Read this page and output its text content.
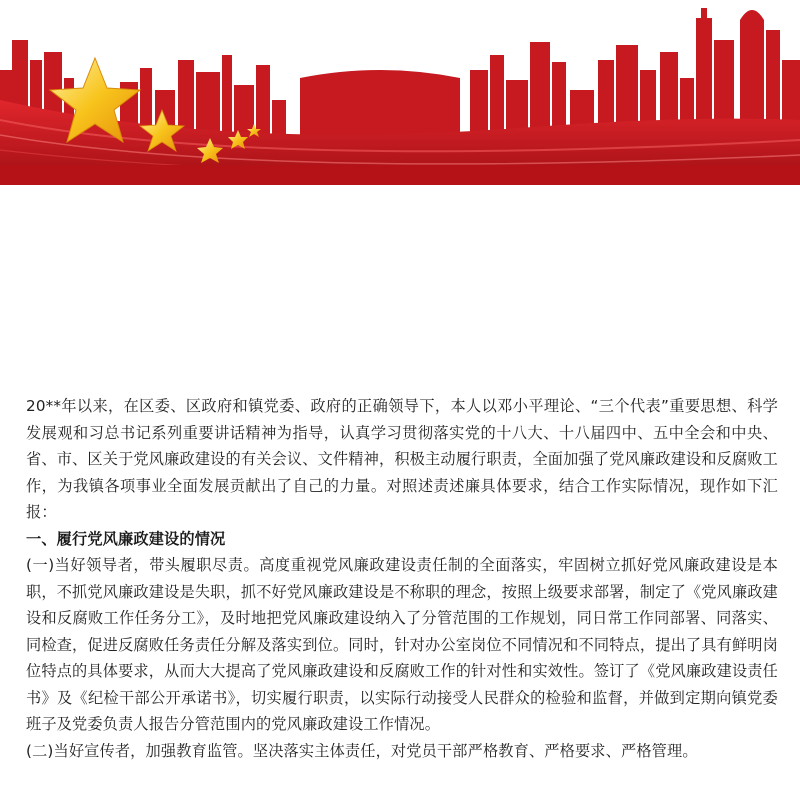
20**年以来，在区委、区政府和镇党委、政府的正确领导下，本人以邓小平理论、“三个代表”重要思想、科学发展观和习总书记系列重要讲话精神为指导，认真学习贯彻落实党的十八大、十八届四中、五中全会和中央、省、市、区关于党风廉政建设的有关会议、文件精神，积极主动履行职责，全面加强了党风廉政建设和反腐败工作，为我镇各项事业全面发展贡献出了自己的力量。对照述责述廉具体要求，结合工作实际情况，现作如下汇报：

一、履行党风廉政建设的情况

(一)当好领导者，带头履职尽责。高度重视党风廉政建设责任制的全面落实，牢固树立抓好党风廉政建设是本职，不抓党风廉政建设是失职，抓不好党风廉政建设是不称职的理念，按照上级要求部署，制定了《党风廉政建设和反腐败工作任务分工》，及时地把党风廉政建设纳入了分管范围的工作规划，同日常工作同部署、同落实、同检查，促进反腐败任务责任分解及落实到位。同时，针对办公室岗位不同情况和不同特点，提出了具有鲜明岗位特点的具体要求，从而大大提高了党风廉政建设和反腐败工作的针对性和实效性。签订了《党风廉政建设责任书》及《纪检干部公开承诺书》，切实履行职责，以实际行动接受人民群众的检验和监督，并做到定期向镇党委班子及党委负责人报告分管范围内的党风廉政建设工作情况。

(二)当好宣传者，加强教育监管。坚决落实主体责任，对党员干部严格教育、严格要求、严格管理。
